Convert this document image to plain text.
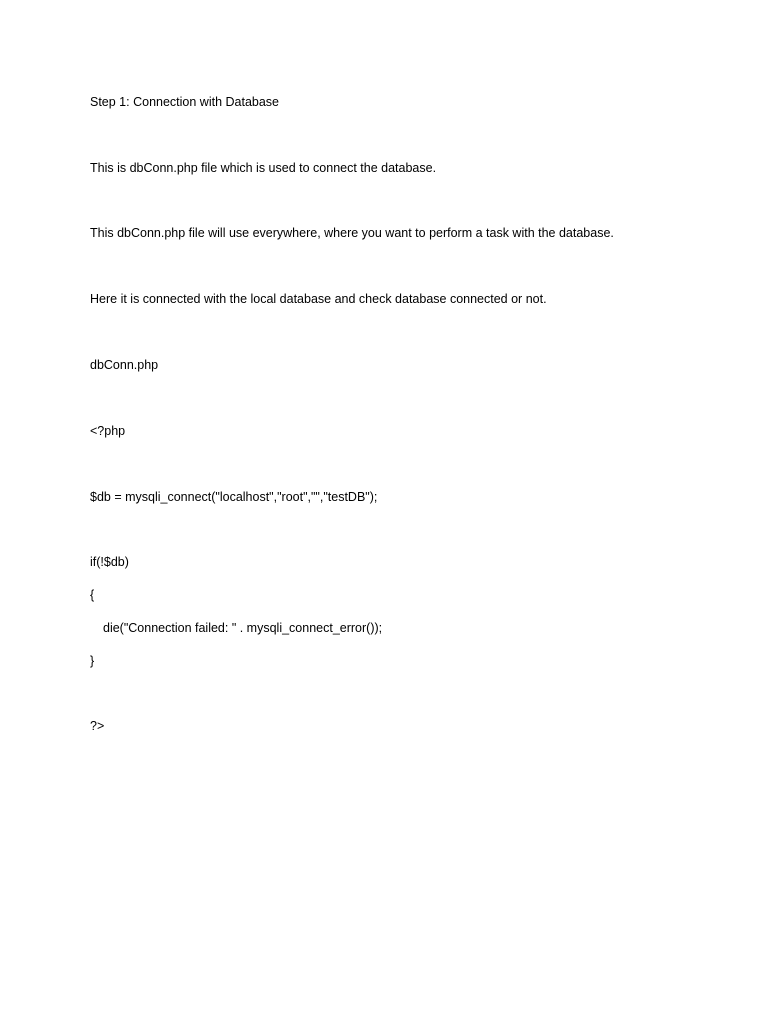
Step 1: Connection with Database

This is dbConn.php file which is used to connect the database.

This dbConn.php file will use everywhere, where you want to perform a task with the database.

Here it is connected with the local database and check database connected or not.

dbConn.php

<?php

$db = mysqli_connect("localhost","root","","testDB");

if(!$db)

{

die("Connection failed: " . mysqli_connect_error());

}

?>
